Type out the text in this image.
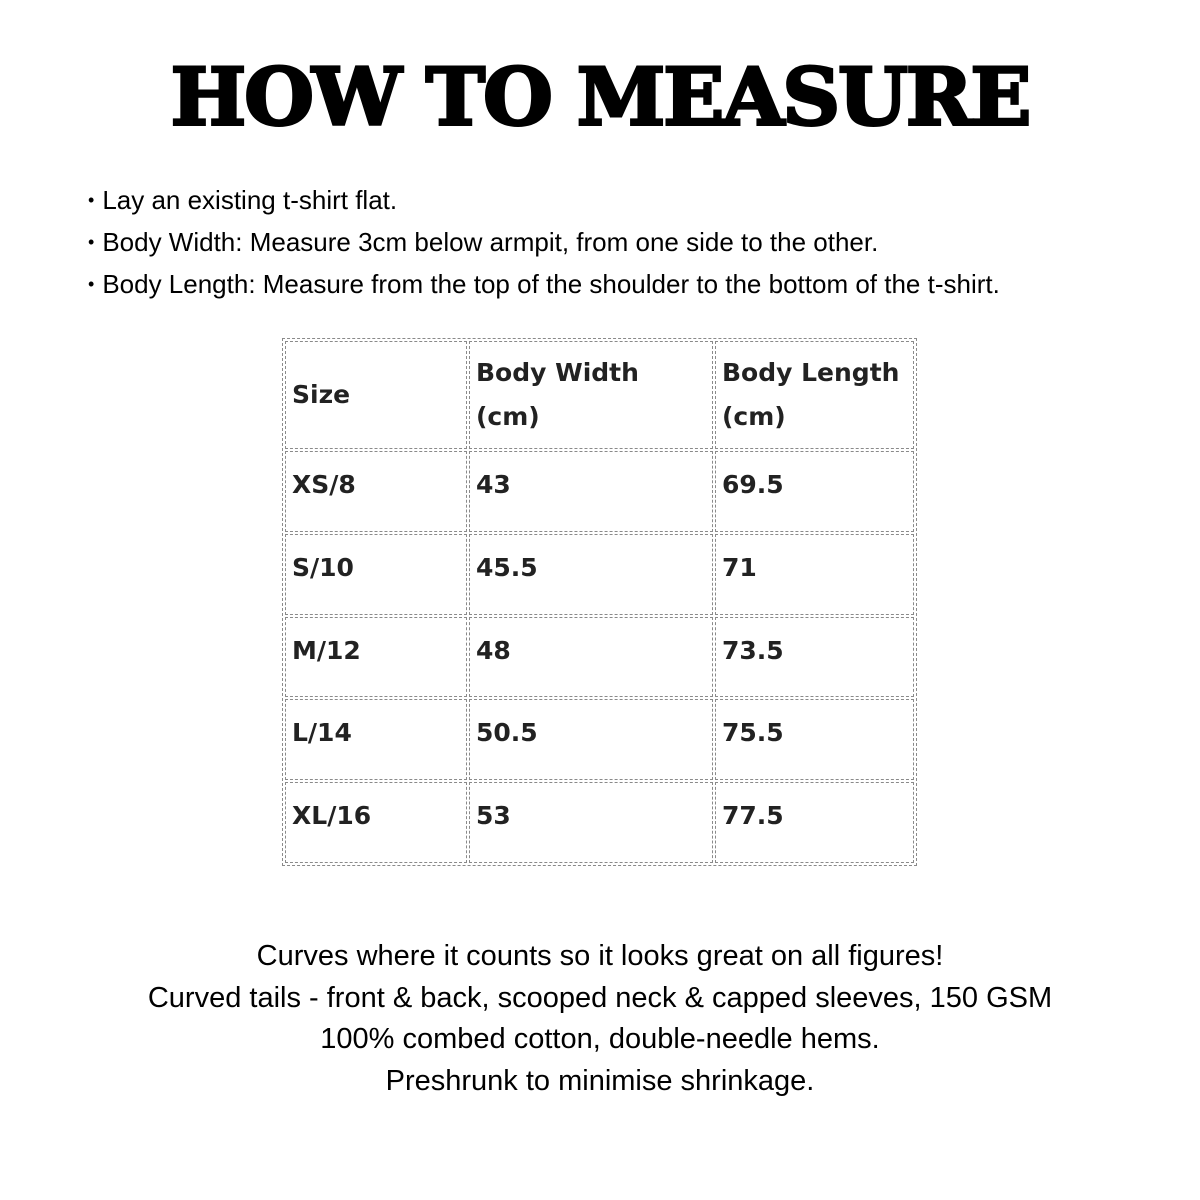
HOW TO MEASURE
• Lay an existing t-shirt flat.
• Body Width: Measure 3cm below armpit, from one side to the other.
• Body Length: Measure from the top of the shoulder to the bottom of the t-shirt.
Size	Body Width (cm)	Body Length (cm)
XS/8	43	69.5
S/10	45.5	71
M/12	48	73.5
L/14	50.5	75.5
XL/16	53	77.5
Curves where it counts so it looks great on all figures!
Curved tails - front & back, scooped neck & capped sleeves, 150 GSM
100% combed cotton, double-needle hems.
Preshrunk to minimise shrinkage.
